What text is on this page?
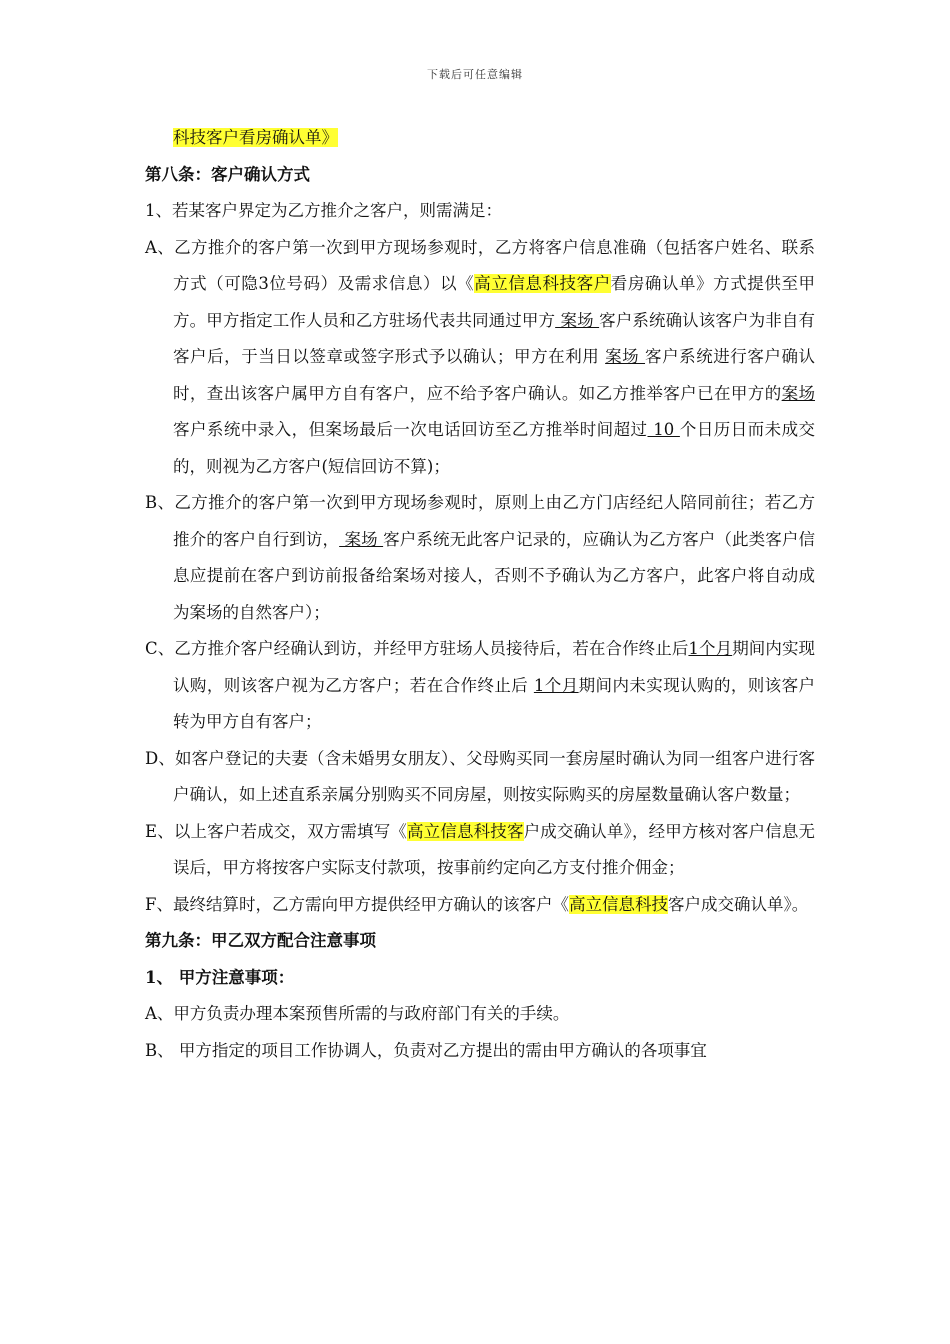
下载后可任意编辑

科技客户看房确认单》

第八条：客户确认方式

1、若某客户界定为乙方推介之客户，则需满足：

A、乙方推介的客户第一次到甲方现场参观时，乙方将客户信息准确（包括客户姓名、联系方式（可隐3位号码）及需求信息）以《高立信息科技客户看房确认单》方式提供至甲方。甲方指定工作人员和乙方驻场代表共同通过甲方 案场 客户系统确认该客户为非自有客户后，于当日以签章或签字形式予以确认；甲方在利用 案场 客户系统进行客户确认时，查出该客户属甲方自有客户，应不给予客户确认。如乙方推举客户已在甲方的案场 客户系统中录入，但案场最后一次电话回访至乙方推举时间超过 10 个日历日而未成交的，则视为乙方客户(短信回访不算)；

B、乙方推介的客户第一次到甲方现场参观时，原则上由乙方门店经纪人陪同前往；若乙方推介的客户自行到访， 案场 客户系统无此客户记录的，应确认为乙方客户（此类客户信息应提前在客户到访前报备给案场对接人，否则不予确认为乙方客户，此客户将自动成为案场的自然客户）；

C、乙方推介客户经确认到访，并经甲方驻场人员接待后，若在合作终止后1个月期间内实现认购，则该客户视为乙方客户；若在合作终止后 1个月期间内未实现认购的，则该客户转为甲方自有客户；

D、如客户登记的夫妻（含未婚男女朋友）、父母购买同一套房屋时确认为同一组客户进行客户确认，如上述直系亲属分别购买不同房屋，则按实际购买的房屋数量确认客户数量；

E、以上客户若成交，双方需填写《高立信息科技客户成交确认单》，经甲方核对客户信息无误后，甲方将按客户实际支付款项，按事前约定向乙方支付推介佣金；

F、最终结算时，乙方需向甲方提供经甲方确认的该客户《高立信息科技客户成交确认单》。

第九条：甲乙双方配合注意事项

1、 甲方注意事项：

A、甲方负责办理本案预售所需的与政府部门有关的手续。

B、 甲方指定的项目工作协调人，负责对乙方提出的需由甲方确认的各项事宜
